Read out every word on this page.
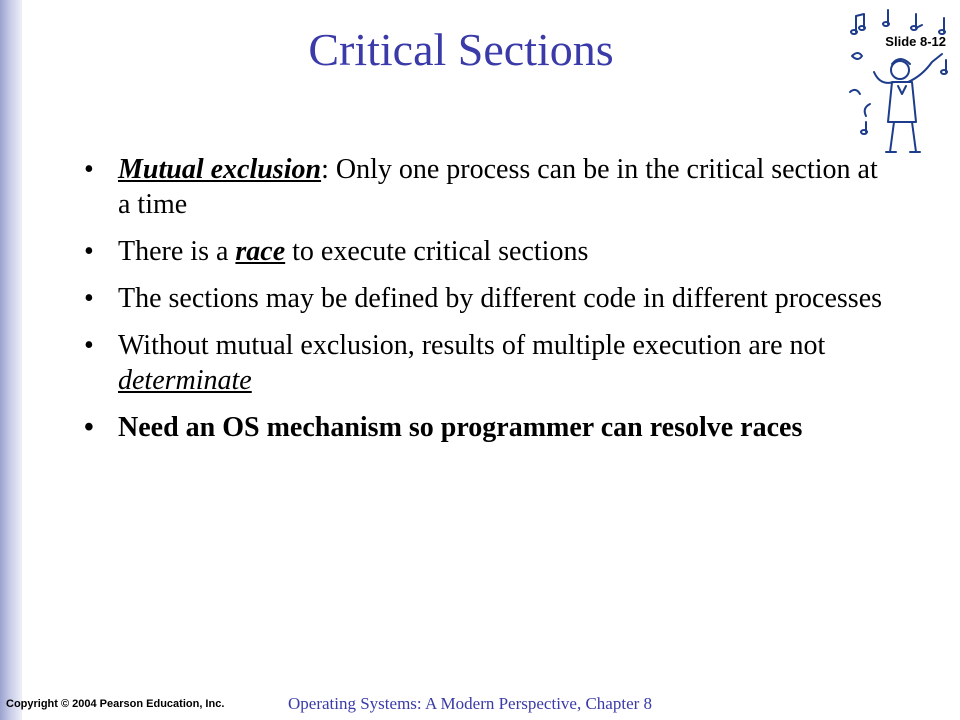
Critical Sections	Slide 8-12
• Mutual exclusion: Only one process can be in the critical section at a time
• There is a race to execute critical sections
• The sections may be defined by different code in different processes
• Without mutual exclusion, results of multiple execution are not determinate
• Need an OS mechanism so programmer can resolve races
Copyright © 2004 Pearson Education, Inc.	Operating Systems: A Modern Perspective, Chapter 8
